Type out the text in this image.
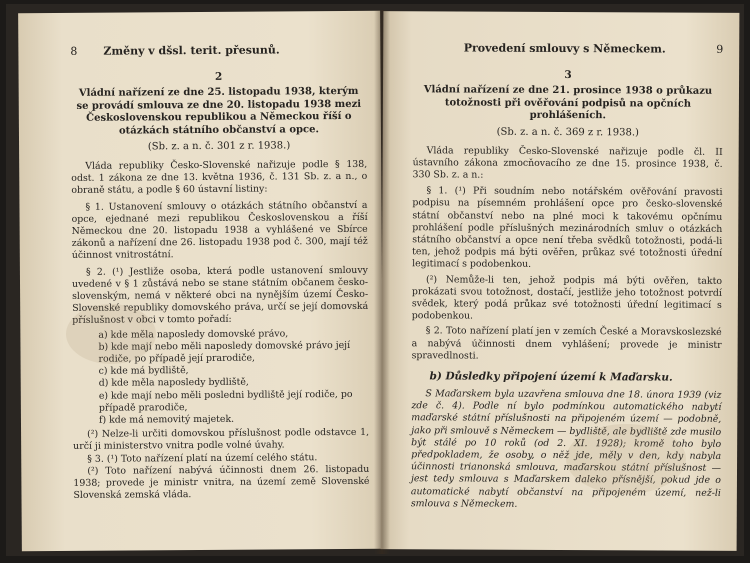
8 Změny v dšsl. terit. přesunů.
2
Vládní nařízení ze dne 25. listopadu 1938, kterým se provádí smlouva ze dne 20. listopadu 1938 mezi Československou republikou a Německou říší o otázkách státního občanství a opce.
(Sb. z. a n. č. 301 z r. 1938.)

Vláda republiky Česko-Slovenské nařizuje podle § 138, odst. 1 zákona ze dne 13. května 1936, č. 131 Sb. z. a n., o obraně státu, a podle § 60 ústavní listiny:

§ 1. Ustanovení smlouvy o otázkách státního občanství a opce, ejednané mezi republikou Československou a říší Německou dne 20. listopadu 1938 a vyhlášené ve Sbírce zákonů a nařízení dne 26. listopadu 1938 pod č. 300, mají též účinnost vnitrostátní.

§ 2. (¹) Jestliže osoba, která podle ustanovení smlouvy uvedené v § 1 zůstává nebo se stane státním občanem česko-slovenským, nemá v některé obci na nynějším území Česko-Slovenské republiky domovského práva, určí se její domovská příslušnost v obci v tomto pořadí:

a) kde měla naposledy domovské právo,
b) kde mají nebo měli naposledy domovské právo její rodiče, po případě její prarodiče,
c) kde má bydliště,
d) kde měla naposledy bydliště,
e) kde mají nebo měli posledni bydliště její rodiče, po případě prarodiče,
f) kde má nemovitý majetek.

(²) Nelze-li určiti domovskou příslušnost podle odstavce 1, určí ji ministerstvo vnitra podle volné úvahy.

§ 3. (¹) Toto nařízení platí na území celého státu.

(²) Toto nařízení nabývá účinnosti dnem 26. listopadu 1938; provede je ministr vnitra, na území země Slovenské Slovenská zemská vláda.

Provedení smlouvy s Německem.	9
3
Vládní nařízení ze dne 21. prosince 1938 o průkazu totožnosti při ověřování podpisů na opčních prohlášeních.
(Sb. z. a n. č. 369 z r. 1938.)

Vláda republiky Česko-Slovenské nařizuje podle čl. II ústavního zákona zmocňovacího ze dne 15. prosince 1938, č. 330 Sb. z. a n.:

§ 1. (¹) Při soudním nebo notářském ověřování pravosti podpisu na písemném prohlášení opce pro česko-slovenské státní občanství nebo na plné moci k takovému opčnímu prohlášení podle příslušných mezinárodních smluv o otázkách státního občanství a opce není třeba svědků totožnosti, podá-li ten, jehož podpis má býti ověřen, průkaz své totožnosti úřední legitimací s podobenkou.

(²) Nemůže-li ten, jehož podpis má býti ověřen, takto prokázati svou totožnost, dostačí, jestliže jeho totožnost potvrdí svědek, který podá průkaz své totožnosti úřední legitimací s podobenkou.

§ 2. Toto nařízení platí jen v zemích České a Moravskoslezské a nabývá účinnosti dnem vyhlášení; provede je ministr spravedlnosti.

b) Důsledky připojení území k Maďarsku.

S Maďarskem byla uzavřena smlouva dne 18. února 1939 (viz zde č. 4). Podle ní bylo podmínkou automatického nabytí maďarské státní příslušnosti na připojeném území — podobně, jako při smlouvě s Německem — bydliště, ale bydliště zde musilo být stálé po 10 roků (od 2. XI. 1928); kromě toho bylo předpokladem, že osoby, o něž jde, měly v den, kdy nabyla účinnosti trianonská smlouva, maďarskou státní příslušnost — jest tedy smlouva s Maďarskem daleko přísnější, pokud jde o automatické nabytí občanství na připojeném území, než-li smlouva s Německem.
